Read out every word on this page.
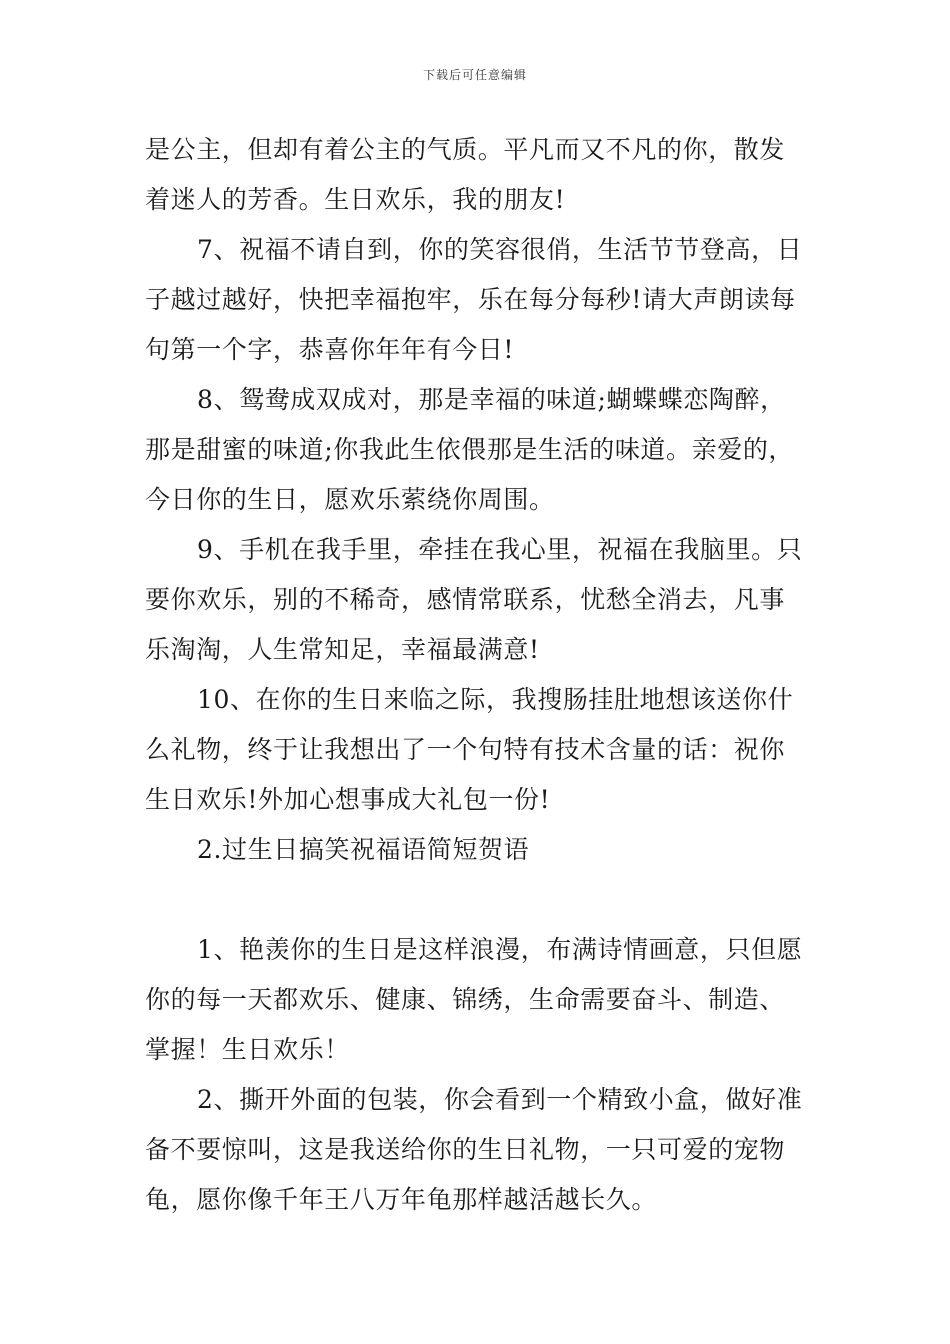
下载后可任意编辑
是公主，但却有着公主的气质。平凡而又不凡的你，散发
着迷人的芳香。生日欢乐，我的朋友!
7、祝福不请自到，你的笑容很俏，生活节节登高，日
子越过越好，快把幸福抱牢，乐在每分每秒!请大声朗读每
句第一个字，恭喜你年年有今日!
8、鸳鸯成双成对，那是幸福的味道;蝴蝶蝶恋陶醉，
那是甜蜜的味道;你我此生依偎那是生活的味道。亲爱的，
今日你的生日，愿欢乐萦绕你周围。
9、手机在我手里，牵挂在我心里，祝福在我脑里。只
要你欢乐，别的不稀奇，感情常联系，忧愁全消去，凡事
乐淘淘，人生常知足，幸福最满意!
10、在你的生日来临之际，我搜肠挂肚地想该送你什
么礼物，终于让我想出了一个句特有技术含量的话：祝你
生日欢乐!外加心想事成大礼包一份!
2.过生日搞笑祝福语简短贺语
1、艳羡你的生日是这样浪漫，布满诗情画意，只但愿
你的每一天都欢乐、健康、锦绣，生命需要奋斗、制造、
掌握！生日欢乐！
2、撕开外面的包装，你会看到一个精致小盒，做好准
备不要惊叫，这是我送给你的生日礼物，一只可爱的宠物
龟，愿你像千年王八万年龟那样越活越长久。
